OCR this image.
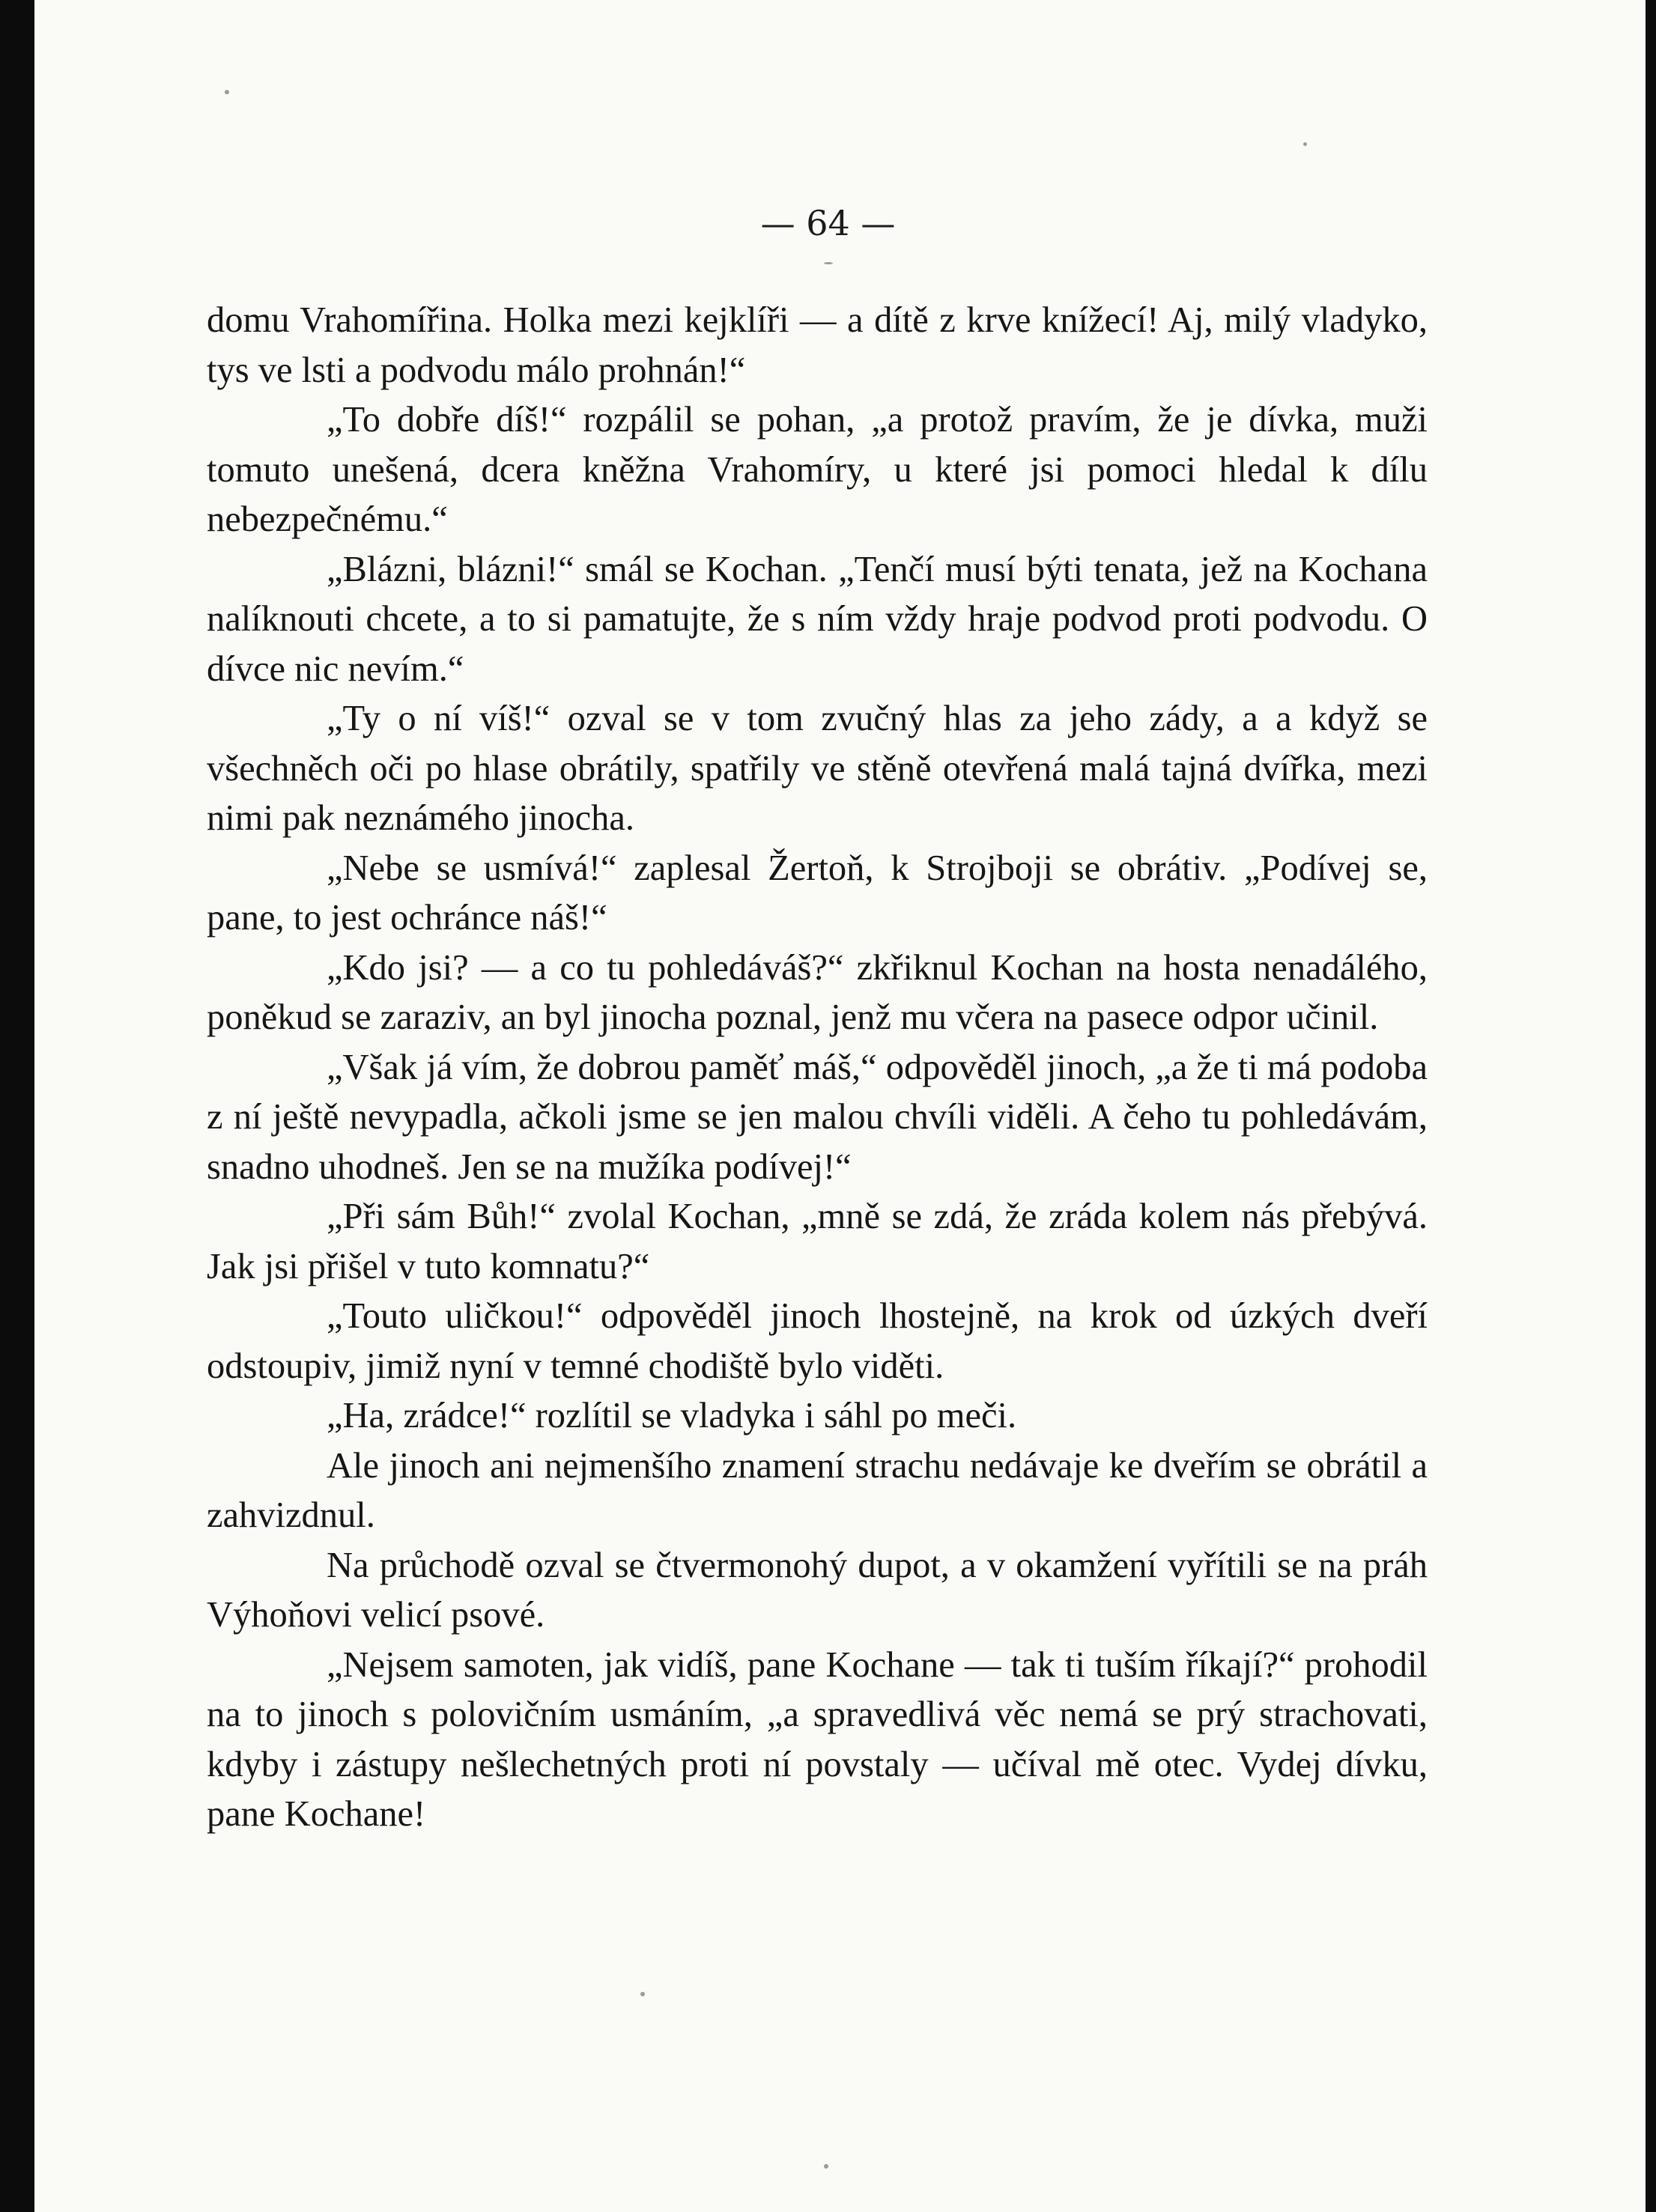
— 64 —

domu Vrahomířina. Holka mezi kejklíři — a dítě z krve knížecí! Aj, milý vladyko, tys ve lsti a podvodu málo prohnán!“

„To dobře díš!“ rozpálil se pohan, „a protož pravím, že je dívka, muži tomuto unešená, dcera kněžna Vrahomíry, u které jsi pomoci hledal k dílu nebezpečnému.“

„Blázni, blázni!“ smál se Kochan. „Tenčí musí býti tenata, jež na Kochana nalíknouti chcete, a to si pamatujte, že s ním vždy hraje podvod proti podvodu. O dívce nic nevím.“

„Ty o ní víš!“ ozval se v tom zvučný hlas za jeho zády, a a když se všechněch oči po hlase obrátily, spatřily ve stěně otevřená malá tajná dvířka, mezi nimi pak neznámého jinocha.

„Nebe se usmívá!“ zaplesal Žertoň, k Strojboji se obrátiv. „Podívej se, pane, to jest ochránce náš!“

„Kdo jsi? — a co tu pohledáváš?“ zkřiknul Kochan na hosta nenadálého, poněkud se zaraziv, an byl jinocha poznal, jenž mu včera na pasece odpor učinil.

„Však já vím, že dobrou paměť máš,“ odpověděl jinoch, „a že ti má podoba z ní ještě nevypadla, ačkoli jsme se jen malou chvíli viděli. A čeho tu pohledávám, snadno uhodneš. Jen se na mužíka podívej!“

„Při sám Bůh!“ zvolal Kochan, „mně se zdá, že zráda kolem nás přebývá. Jak jsi přišel v tuto komnatu?“

„Touto uličkou!“ odpověděl jinoch lhostejně, na krok od úzkých dveří odstoupiv, jimiž nyní v temné chodiště bylo viděti.

„Ha, zrádce!“ rozlítil se vladyka i sáhl po meči.

Ale jinoch ani nejmenšího znamení strachu nedávaje ke dveřím se obrátil a zahvizdnul.

Na průchodě ozval se čtvermonohý dupot, a v okamžení vyřítili se na práh Výhoňovi velicí psové.

„Nejsem samoten, jak vidíš, pane Kochane — tak ti tuším říkají?“ prohodil na to jinoch s polovičním usmáním, „a spravedlivá věc nemá se prý strachovati, kdyby i zástupy nešlechetných proti ní povstaly — učíval mě otec. Vydej dívku, pane Kochane!
